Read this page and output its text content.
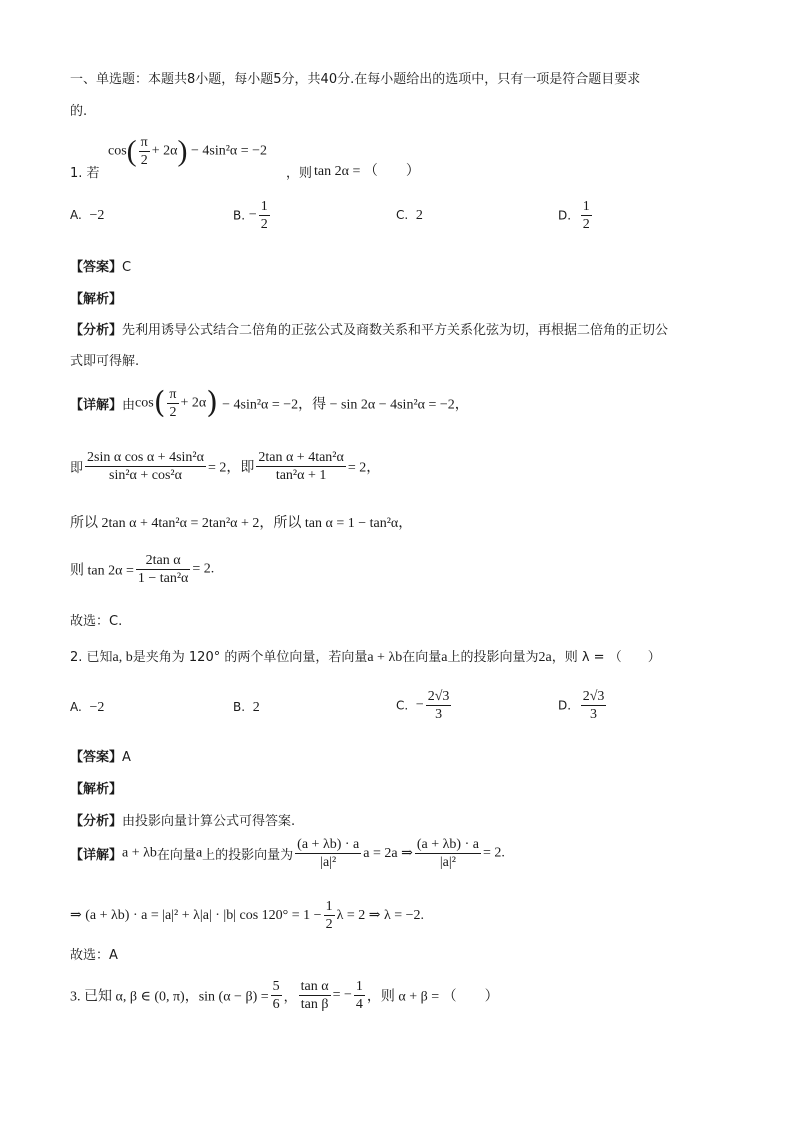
一、单选题：本题共8小题，每小题5分，共40分.在每小题给出的选项中，只有一项是符合题目要求
的.
$\cos( \frac{\pi}{2} + 2\alpha) - 4\sin^2\alpha = -2$
1. 若	，则 tan 2α = （　　）
A. −2	B. − $\frac{1}{2}$	C. 2	D. $\frac{1}{2}$
【答案】C
【解析】
【分析】先利用诱导公式结合二倍角的正弦公式及商数关系和平方关系化弦为切，再根据二倍角的正切公
式即可得解.
【详解】由$\cos( \frac{\pi}{2} + 2\alpha) - 4\sin^2\alpha = -2$，得 − sin 2α − 4sin²α = −2，
即 $\frac{\text{2sin α cos α + 4sin²α}}{\text{sin²α + cos²α}} = 2$，即 $\frac{\text{2tan α + 4tan²α}}{\text{tan²α + 1}} = 2$，
所以 2tan α + 4tan²α = 2tan²α + 2，所以 tan α = 1 − tan²α，
则 $\tan 2\alpha = \frac{\text{2tan α}}{\text{1 − tan²α}} = 2$.
故选：C.
2. 已知a, b是夹角为 120° 的两个单位向量，若向量a + λb在向量a上的投影向量为2a，则 λ = （　　）
A. −2	B. 2	C. − $\frac{2√3}{3}$	D. $\frac{2√3}{3}$
【答案】A
【解析】
【分析】由投影向量计算公式可得答案.
【详解】a + λb在向量a上的投影向量为 $\frac{(a + \lambda b) \cdot a}{\text{|a|²}}$ a = 2a ⇒ $\frac{(a + \lambda b) \cdot a}{\text{|a|²}} = 2$.
⇒ (a + λb) · a = |a|² + λ|a| · |b| $\cos 120^\circ = 1 - \frac{1}{2}$ λ = 2 ⇒ λ = −2.
故选：A
3. 已知 α, β ∈ (0, π)，$\sin (\alpha - \beta) = \frac{5}{6}$ ， $\frac{\text{tan α}}{\text{tan β}}$ = − $\frac{1}{4}$ ，则 α + β = （　　）
